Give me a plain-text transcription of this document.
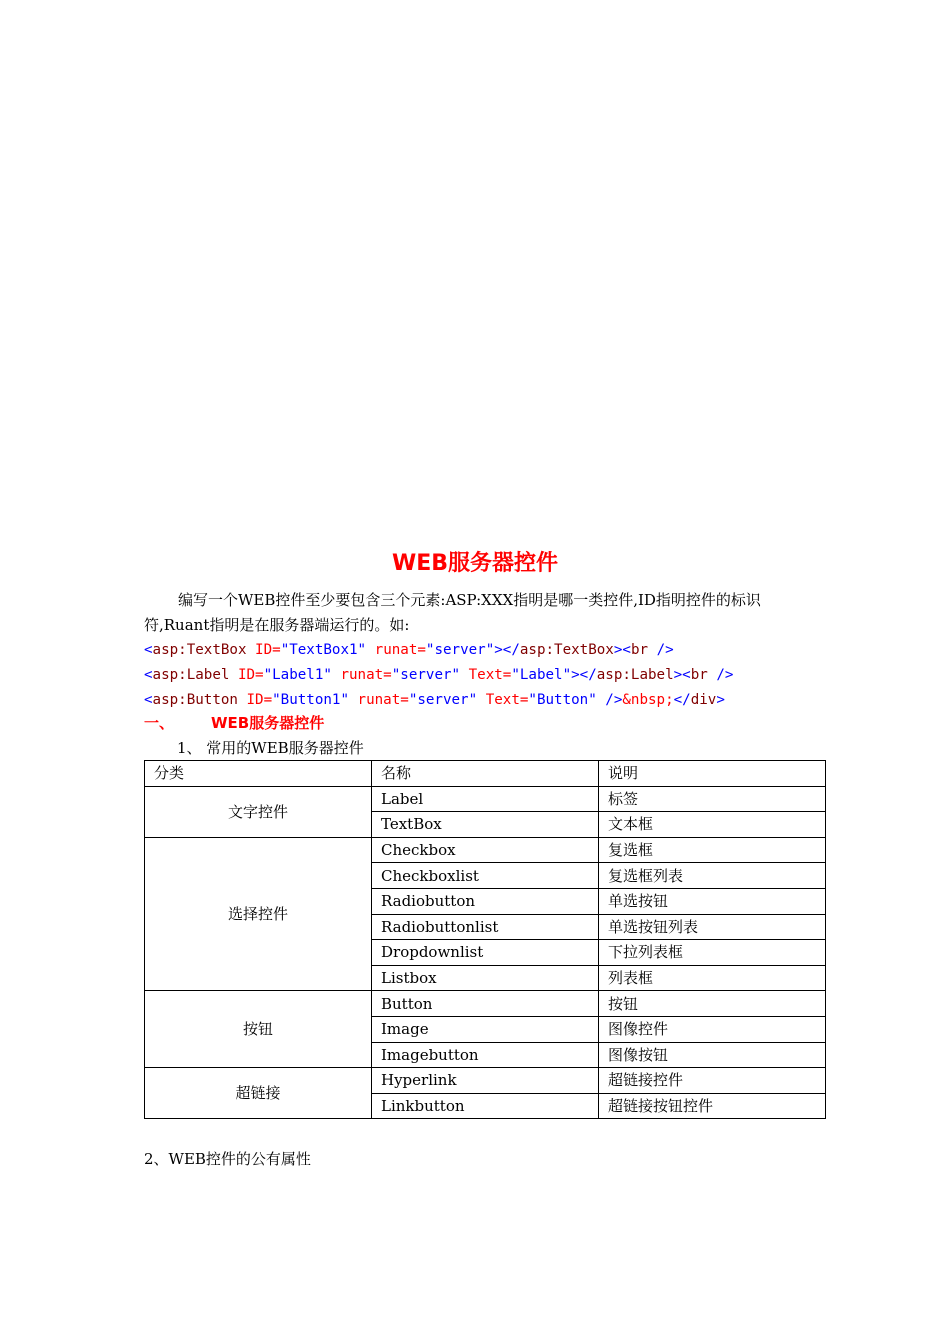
WEB服务器控件
编写一个WEB控件至少要包含三个元素:ASP:XXX指明是哪一类控件,ID指明控件的标识符,Ruant指明是在服务器端运行的。如:
<asp:TextBox ID="TextBox1" runat="server"></asp:TextBox><br />
<asp:Label ID="Label1" runat="server" Text="Label"></asp:Label><br />
<asp:Button ID="Button1" runat="server" Text="Button" />&nbsp;</div>
一、 WEB服务器控件
1、 常用的WEB服务器控件
分类	名称	说明
文字控件	Label	标签
	TextBox	文本框
选择控件	Checkbox	复选框
	Checkboxlist	复选框列表
	Radiobutton	单选按钮
	Radiobuttonlist	单选按钮列表
	Dropdownlist	下拉列表框
	Listbox	列表框
按钮	Button	按钮
	Image	图像控件
	Imagebutton	图像按钮
超链接	Hyperlink	超链接控件
	Linkbutton	超链接按钮控件
2、WEB控件的公有属性
